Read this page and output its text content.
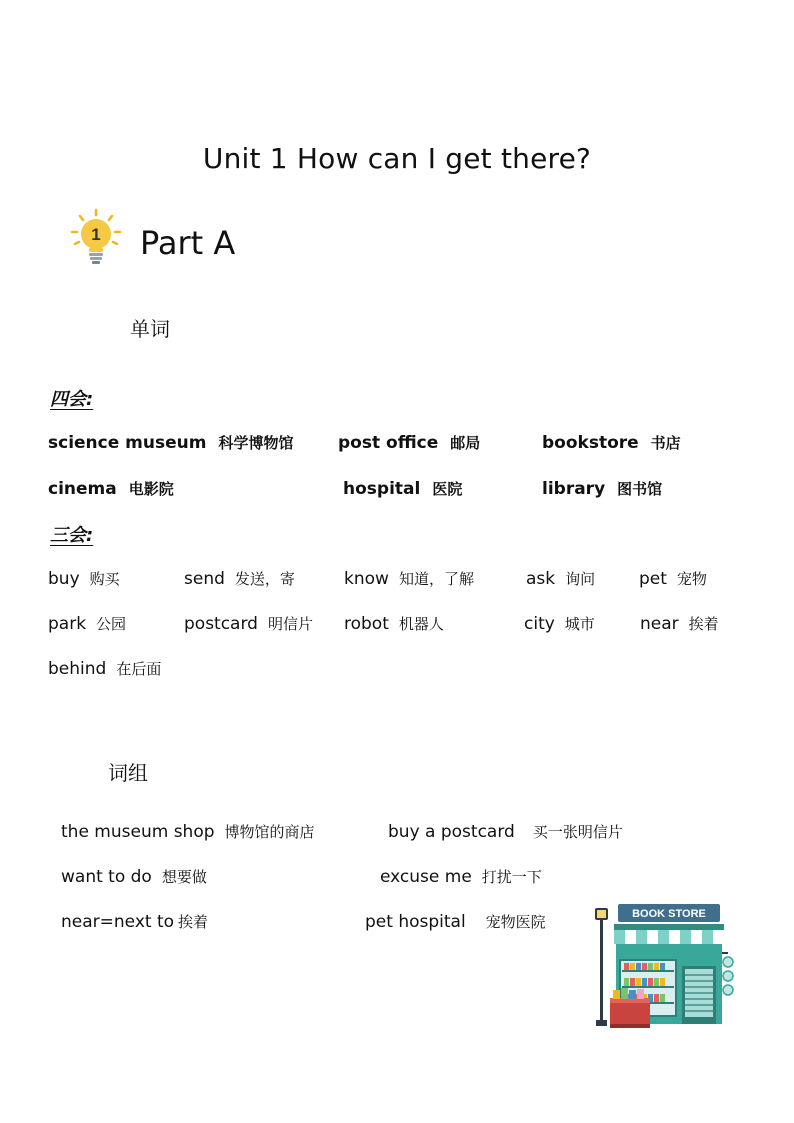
Unit 1 How can I get there?
1 Part A
单词
四会:
science museum 科学博物馆	post office 邮局	bookstore 书店
cinema 电影院	hospital 医院	library 图书馆
三会:
buy 购买	send 发送，寄	know 知道，了解	ask 询问	pet 宠物
park 公园	postcard 明信片 robot 机器人	city 城市	near 挨着
behind 在后面
词组
the museum shop 博物馆的商店	buy a postcard 买一张明信片
want to do 想要做	excuse me 打扰一下
near=next to 挨着	pet hospital 宠物医院	BOOK STORE
